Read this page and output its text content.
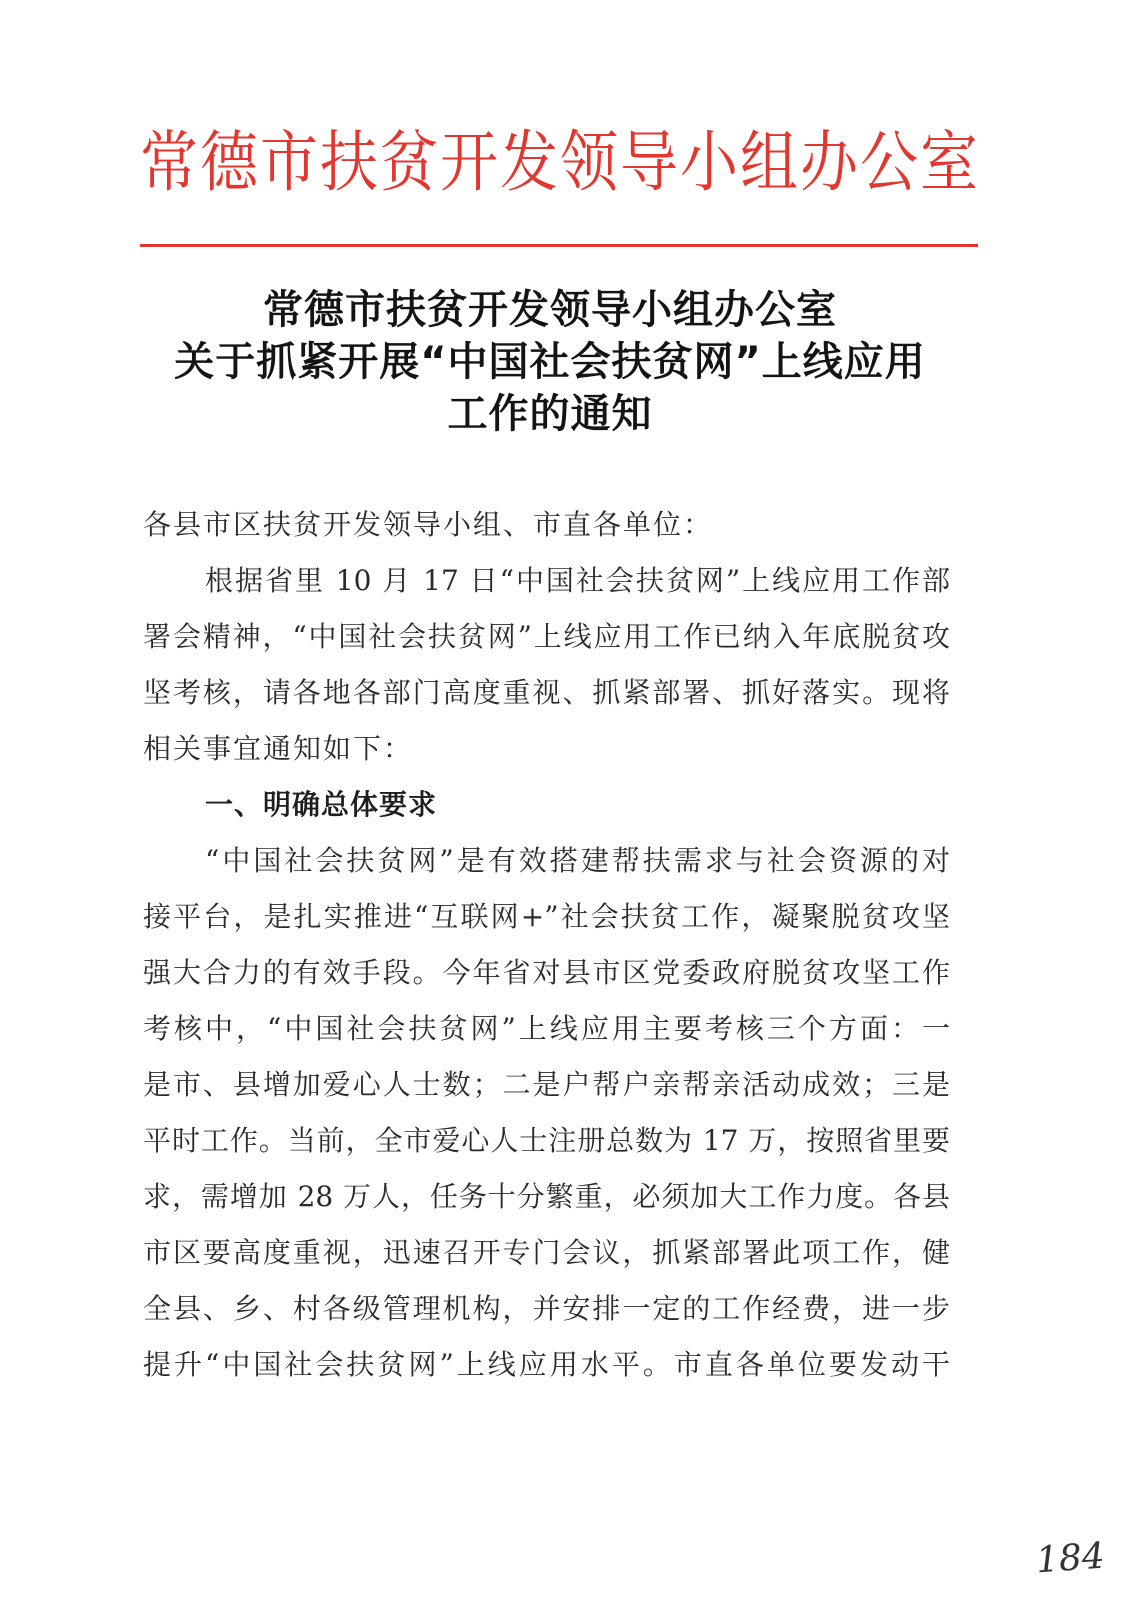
常德市扶贫开发领导小组办公室
常德市扶贫开发领导小组办公室
关于抓紧开展“中国社会扶贫网”上线应用
工作的通知
各县市区扶贫开发领导小组、市直各单位：
根据省里 10 月 17 日“中国社会扶贫网”上线应用工作部
署会精神，“中国社会扶贫网”上线应用工作已纳入年底脱贫攻
坚考核，请各地各部门高度重视、抓紧部署、抓好落实。现将
相关事宜通知如下：
一、明确总体要求
“中国社会扶贫网”是有效搭建帮扶需求与社会资源的对
接平台，是扎实推进“互联网+”社会扶贫工作，凝聚脱贫攻坚
强大合力的有效手段。今年省对县市区党委政府脱贫攻坚工作
考核中，“中国社会扶贫网”上线应用主要考核三个方面：一
是市、县增加爱心人士数；二是户帮户亲帮亲活动成效；三是
平时工作。当前，全市爱心人士注册总数为 17 万，按照省里要
求，需增加 28 万人，任务十分繁重，必须加大工作力度。各县
市区要高度重视，迅速召开专门会议，抓紧部署此项工作，健
全县、乡、村各级管理机构，并安排一定的工作经费，进一步
提升“中国社会扶贫网”上线应用水平。市直各单位要发动干
184
